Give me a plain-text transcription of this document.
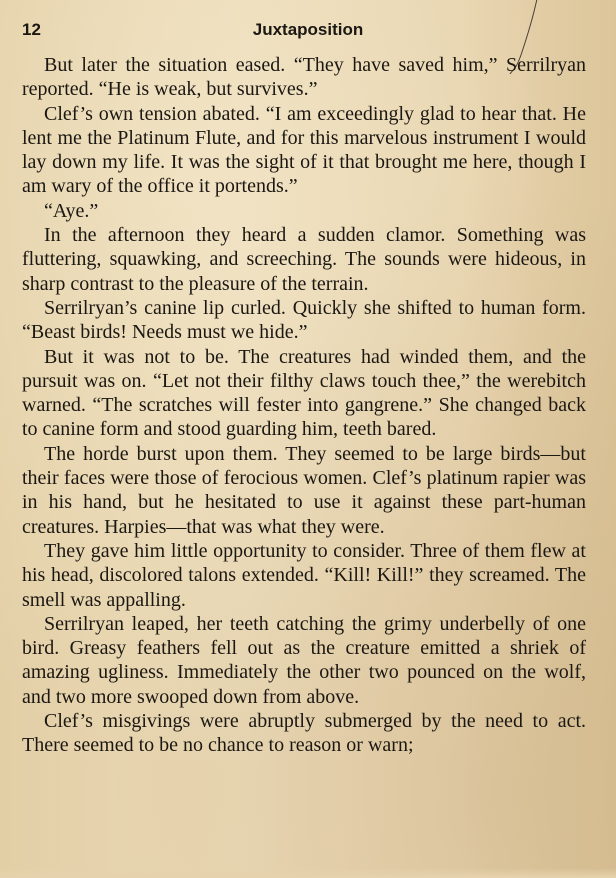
12	Juxtaposition

But later the situation eased. “They have saved him,” Serrilryan reported. “He is weak, but survives.”

Clef’s own tension abated. “I am exceedingly glad to hear that. He lent me the Platinum Flute, and for this marvelous instrument I would lay down my life. It was the sight of it that brought me here, though I am wary of the office it portends.”

“Aye.”

In the afternoon they heard a sudden clamor. Something was fluttering, squawking, and screeching. The sounds were hideous, in sharp contrast to the pleasure of the terrain.

Serrilryan’s canine lip curled. Quickly she shifted to human form. “Beast birds! Needs must we hide.”

But it was not to be. The creatures had winded them, and the pursuit was on. “Let not their filthy claws touch thee,” the werebitch warned. “The scratches will fester into gangrene.” She changed back to canine form and stood guarding him, teeth bared.

The horde burst upon them. They seemed to be large birds—but their faces were those of ferocious women. Clef’s platinum rapier was in his hand, but he hesitated to use it against these part-human creatures. Harpies—that was what they were.

They gave him little opportunity to consider. Three of them flew at his head, discolored talons extended. “Kill! Kill!” they screamed. The smell was appalling.

Serrilryan leaped, her teeth catching the grimy underbelly of one bird. Greasy feathers fell out as the creature emitted a shriek of amazing ugliness. Immediately the other two pounced on the wolf, and two more swooped down from above.

Clef’s misgivings were abruptly submerged by the need to act. There seemed to be no chance to reason or warn;
